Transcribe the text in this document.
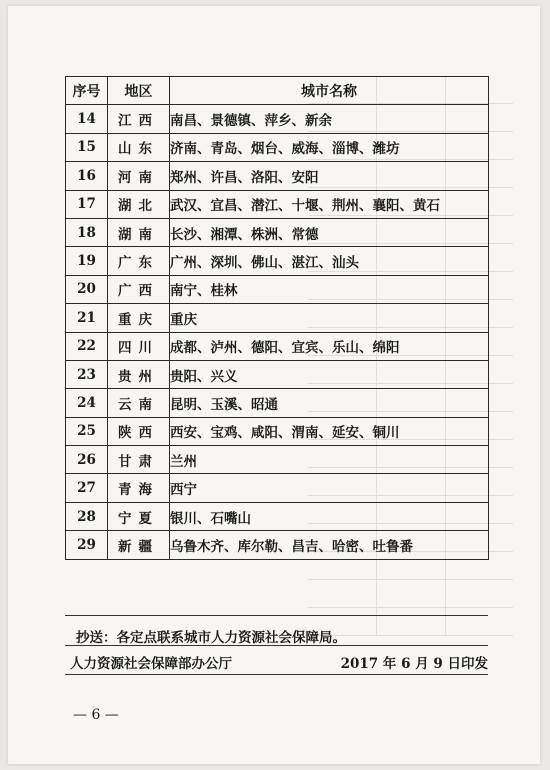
序号	地区	城市名称
14	江西	南昌、景德镇、萍乡、新余
15	山东	济南、青岛、烟台、威海、淄博、潍坊
16	河南	郑州、许昌、洛阳、安阳
17	湖北	武汉、宜昌、潜江、十堰、荆州、襄阳、黄石
18	湖南	长沙、湘潭、株洲、常德
19	广东	广州、深圳、佛山、湛江、汕头
20	广西	南宁、桂林
21	重庆	重庆
22	四川	成都、泸州、德阳、宜宾、乐山、绵阳
23	贵州	贵阳、兴义
24	云南	昆明、玉溪、昭通
25	陕西	西安、宝鸡、咸阳、渭南、延安、铜川
26	甘肃	兰州
27	青海	西宁
28	宁夏	银川、石嘴山
29	新疆	乌鲁木齐、库尔勒、昌吉、哈密、吐鲁番
抄送：各定点联系城市人力资源社会保障局。
人力资源社会保障部办公厅	2017 年 6 月 9 日印发
— 6 —
